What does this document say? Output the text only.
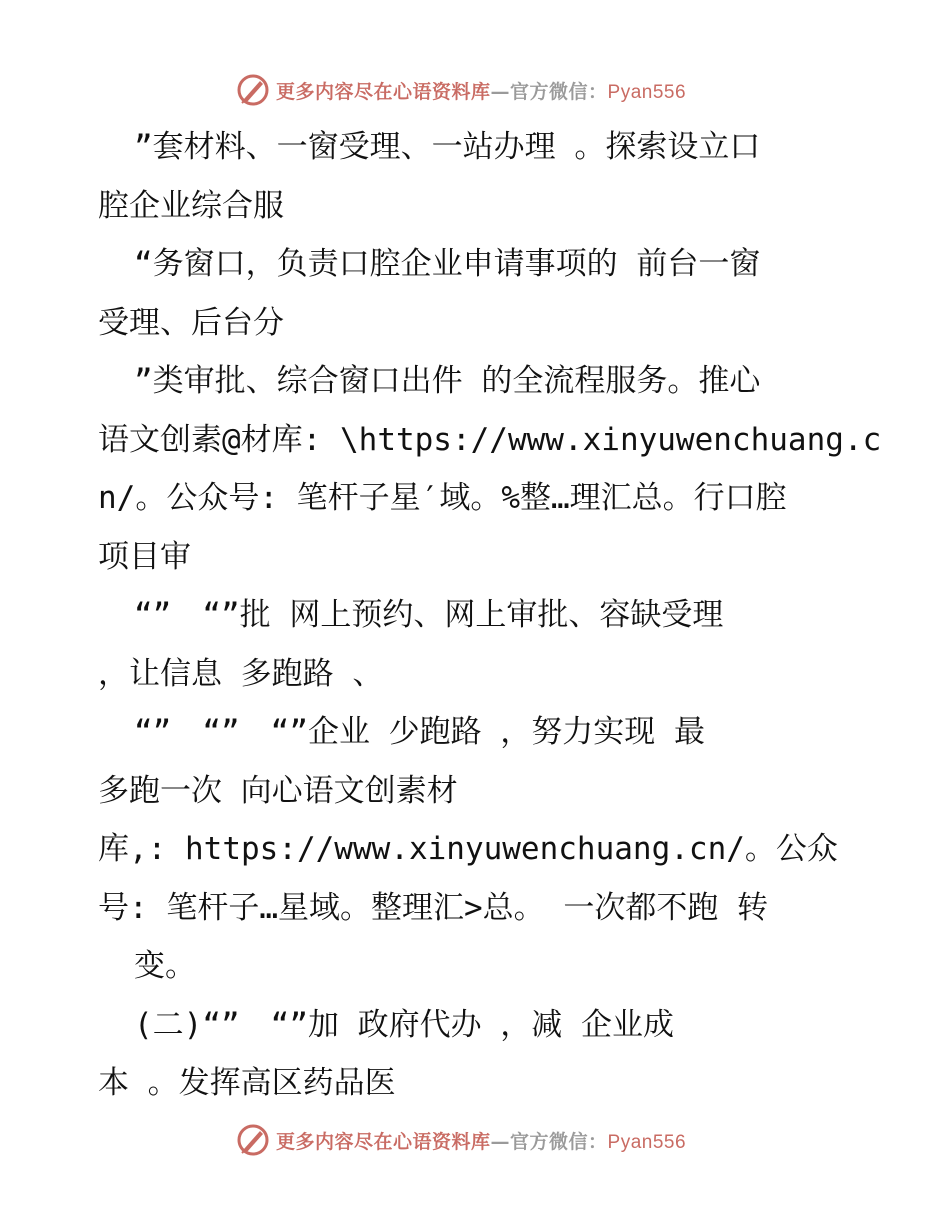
更多内容尽在心语资料库—官方微信：Pyan556
”套材料、一窗受理、一站办理 。探索设立口
腔企业综合服
“务窗口，负责口腔企业申请事项的 前台一窗
受理、后台分
”类审批、综合窗口出件 的全流程服务。推心
语文创素@材库: \https://www.xinyuwenchuang.c
n/。公众号: 笔杆子星′域。%整…理汇总。行口腔
项目审
“”　“”批 网上预约、网上审批、容缺受理
，让信息 多跑路 、
“”　“”　“”企业 少跑路 ，努力实现 最
多跑一次 向心语文创素材
库,: https://www.xinyuwenchuang.cn/。公众
号: 笔杆子…星域。整理汇>总。 一次都不跑 转
变。
(二)“”　“”加 政府代办 ，减 企业成
本 。发挥高区药品医
更多内容尽在心语资料库—官方微信：Pyan556
